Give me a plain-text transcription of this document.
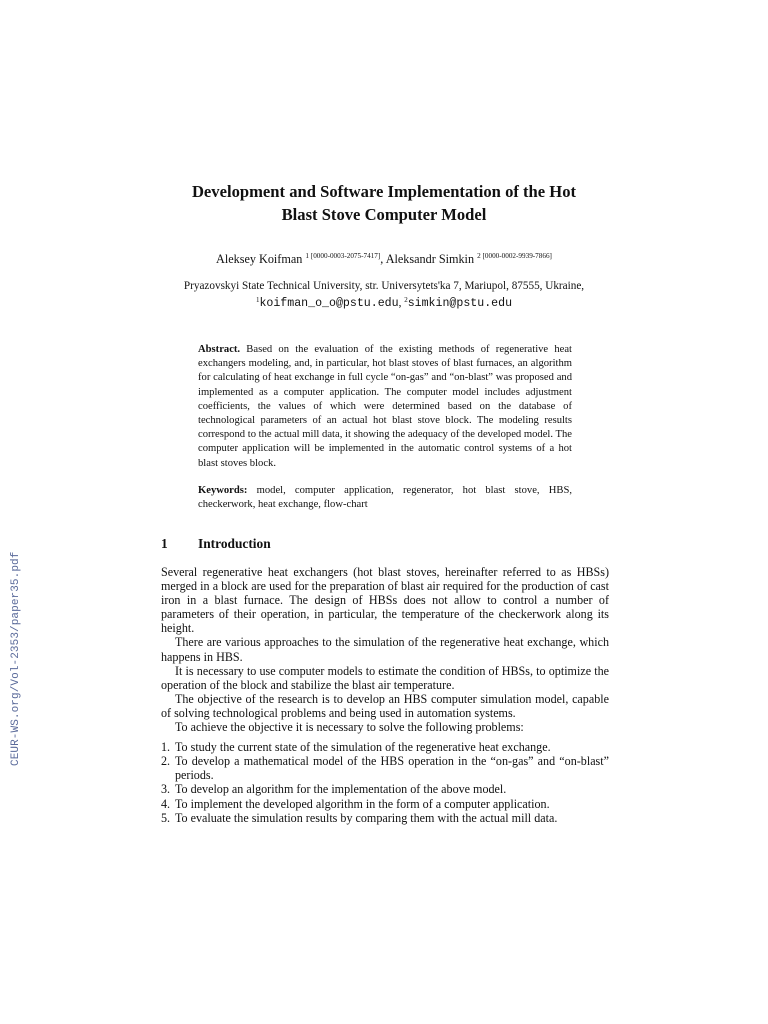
CEUR-WS.org/Vol-2353/paper35.pdf
Development and Software Implementation of the Hot
Blast Stove Computer Model
Aleksey Koifman $^{1 [0000-0003-2075-7417]}$, Aleksandr Simkin $^{2 [0000-0002-9939-7866]}$
Pryazovskyi State Technical University, str. Universytets'ka 7, Mariupol, 87555, Ukraine,
$^1$koifman_o_o@pstu.edu, $^2$simkin@pstu.edu

Abstract. Based on the evaluation of the existing methods of regenerative heat exchangers modeling, and, in particular, hot blast stoves of blast furnaces, an algorithm for calculating of heat exchange in full cycle “on-gas” and “on-blast” was proposed and implemented as a computer application. The computer model includes adjustment coefficients, the values of which were determined based on the database of technological parameters of an actual hot blast stove block. The modeling results correspond to the actual mill data, it showing the adequacy of the developed model. The computer application will be implemented in the automatic control systems of a hot blast stoves block.

Keywords: model, computer application, regenerator, hot blast stove, HBS, checkerwork, heat exchange, flow-chart

1 Introduction

Several regenerative heat exchangers (hot blast stoves, hereinafter referred to as HBSs) merged in a block are used for the preparation of blast air required for the production of cast iron in a blast furnace. The design of HBSs does not allow to control a number of parameters of their operation, in particular, the temperature of the checkerwork along its height.

There are various approaches to the simulation of the regenerative heat exchange, which happens in HBS.

It is necessary to use computer models to estimate the condition of HBSs, to optimize the operation of the block and stabilize the blast air temperature.

The objective of the research is to develop an HBS computer simulation model, capable of solving technological problems and being used in automation systems.

To achieve the objective it is necessary to solve the following problems:

1. To study the current state of the simulation of the regenerative heat exchange.
2. To develop a mathematical model of the HBS operation in the “on-gas” and “on-blast” periods.
3. To develop an algorithm for the implementation of the above model.
4. To implement the developed algorithm in the form of a computer application.
5. To evaluate the simulation results by comparing them with the actual mill data.
